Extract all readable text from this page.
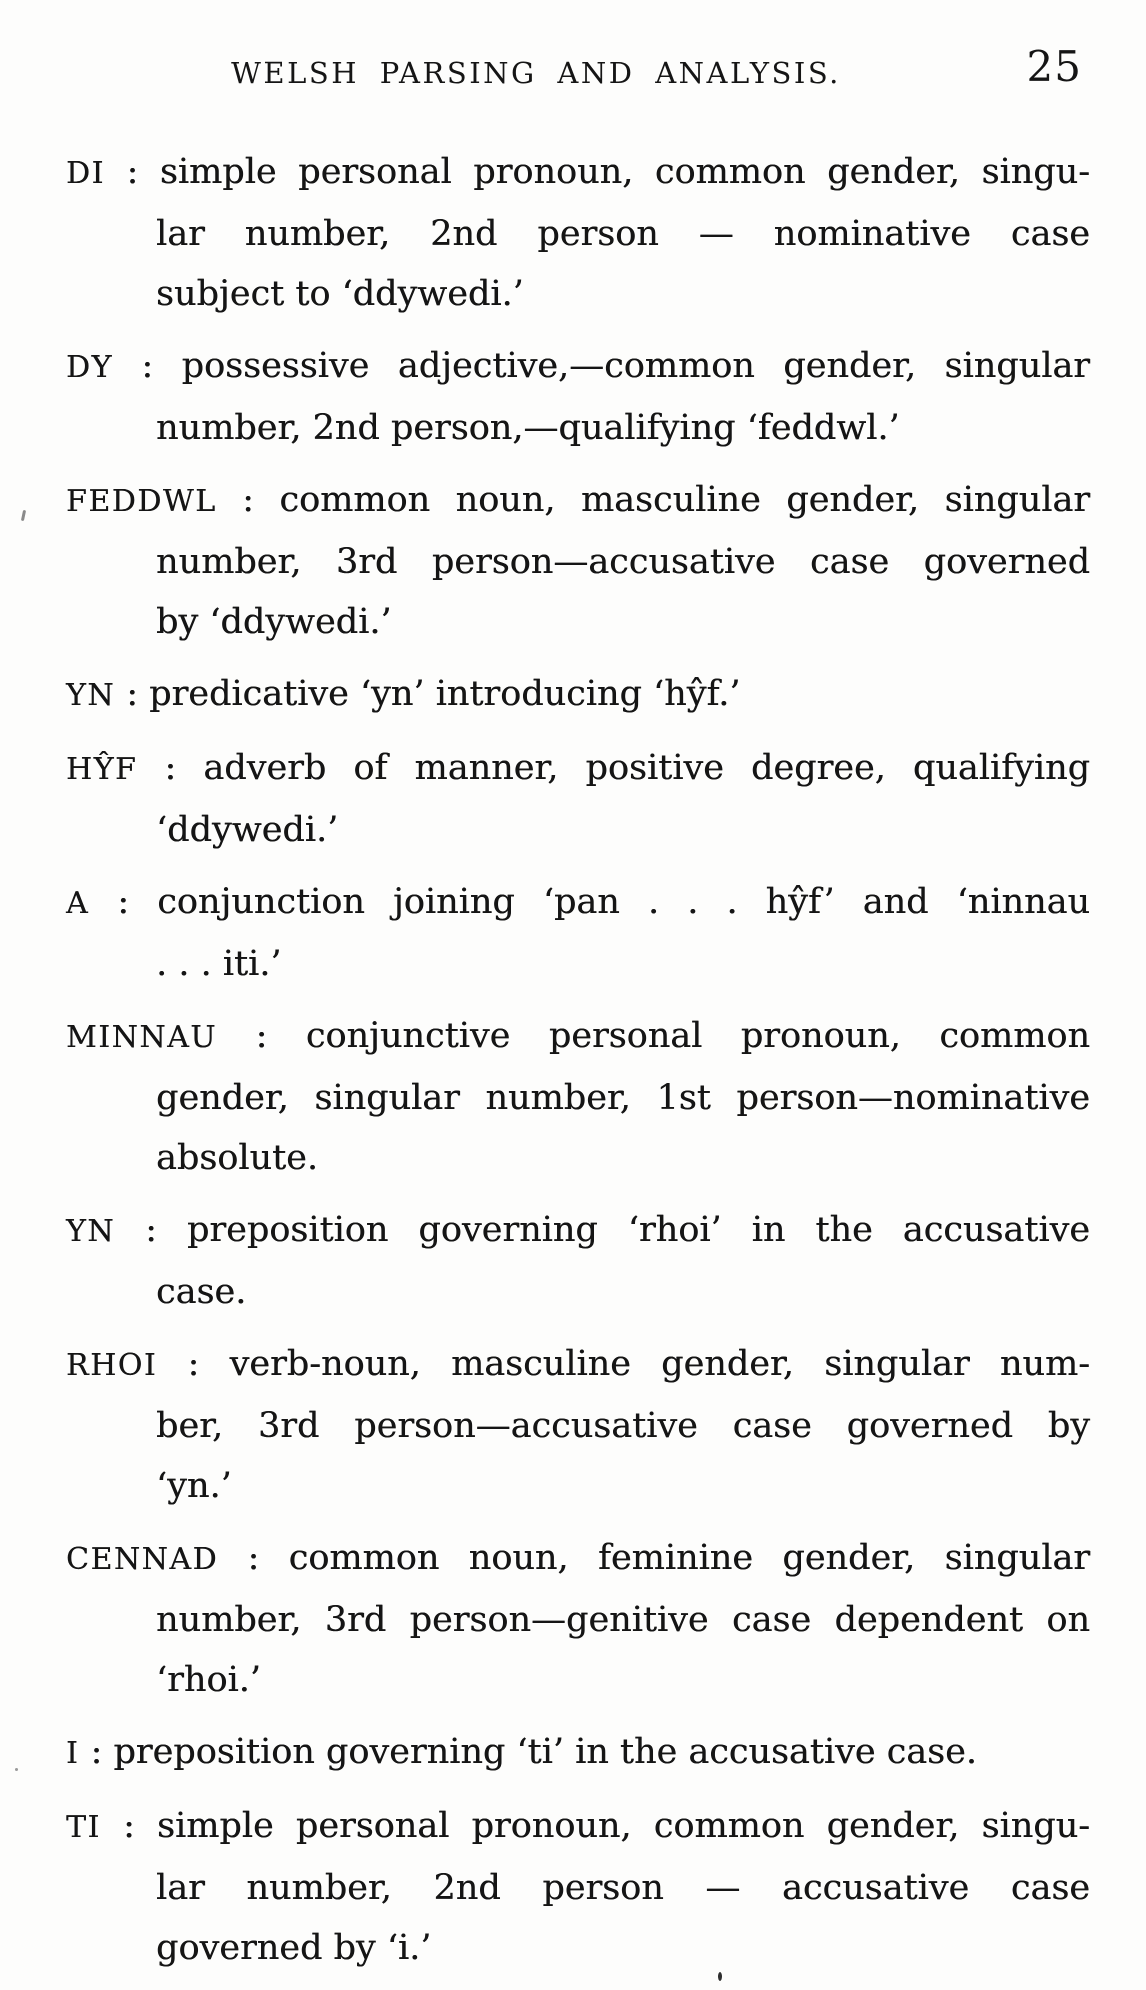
WELSH PARSING AND ANALYSIS.	25
DI : simple personal pronoun, common gender, singu-
lar number, 2nd person — nominative case
subject to ‘ddywedi.’
DY : possessive adjective,—common gender, singular
number, 2nd person,—qualifying ‘feddwl.’
FEDDWL : common noun, masculine gender, singular
number, 3rd person—accusative case governed
by ‘ddywedi.’
YN : predicative ‘yn’ introducing ‘hŷf.’
HŶF : adverb of manner, positive degree, qualifying
‘ddywedi.’
A : conjunction joining ‘pan . . . hŷf’ and ‘ninnau
. . . iti.’
MINNAU : conjunctive personal pronoun, common
gender, singular number, 1st person—nominative
absolute.
YN : preposition governing ‘rhoi’ in the accusative
case.
RHOI : verb-noun, masculine gender, singular num-
ber, 3rd person—accusative case governed by
‘yn.’
CENNAD : common noun, feminine gender, singular
number, 3rd person—genitive case dependent on
‘rhoi.’
I : preposition governing ‘ti’ in the accusative case.
TI : simple personal pronoun, common gender, singu-
lar number, 2nd person — accusative case
governed by ‘i.’
